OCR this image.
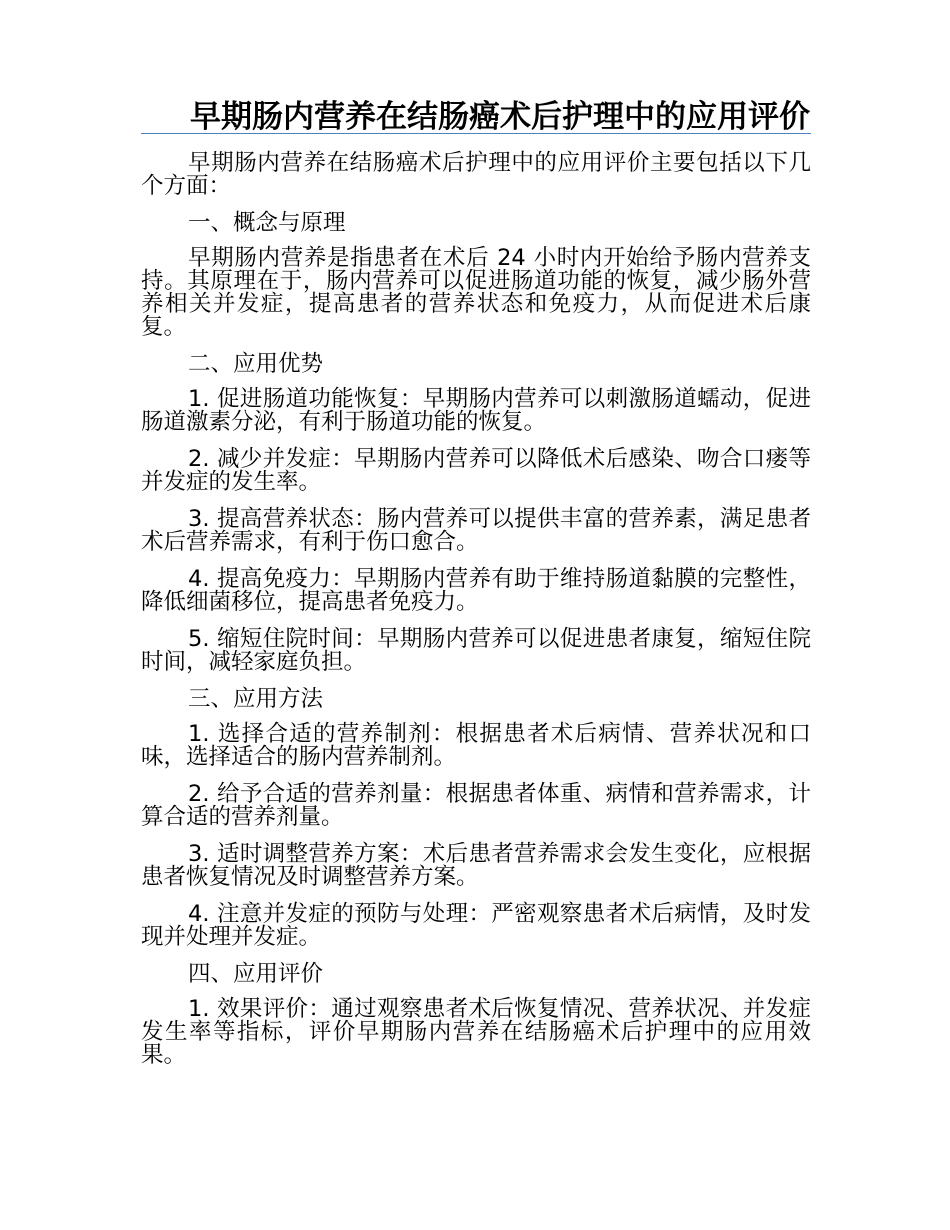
早期肠内营养在结肠癌术后护理中的应用评价

早期肠内营养在结肠癌术后护理中的应用评价主要包括以下几个方面：

一、概念与原理

早期肠内营养是指患者在术后 24 小时内开始给予肠内营养支持。其原理在于，肠内营养可以促进肠道功能的恢复，减少肠外营养相关并发症，提高患者的营养状态和免疫力，从而促进术后康复。

二、应用优势

1. 促进肠道功能恢复：早期肠内营养可以刺激肠道蠕动，促进肠道激素分泌，有利于肠道功能的恢复。

2. 减少并发症：早期肠内营养可以降低术后感染、吻合口瘘等并发症的发生率。

3. 提高营养状态：肠内营养可以提供丰富的营养素，满足患者术后营养需求，有利于伤口愈合。

4. 提高免疫力：早期肠内营养有助于维持肠道黏膜的完整性，降低细菌移位，提高患者免疫力。

5. 缩短住院时间：早期肠内营养可以促进患者康复，缩短住院时间，减轻家庭负担。

三、应用方法

1. 选择合适的营养制剂：根据患者术后病情、营养状况和口味，选择适合的肠内营养制剂。

2. 给予合适的营养剂量：根据患者体重、病情和营养需求，计算合适的营养剂量。

3. 适时调整营养方案：术后患者营养需求会发生变化，应根据患者恢复情况及时调整营养方案。

4. 注意并发症的预防与处理：严密观察患者术后病情，及时发现并处理并发症。

四、应用评价

1. 效果评价：通过观察患者术后恢复情况、营养状况、并发症发生率等指标，评价早期肠内营养在结肠癌术后护理中的应用效果。
